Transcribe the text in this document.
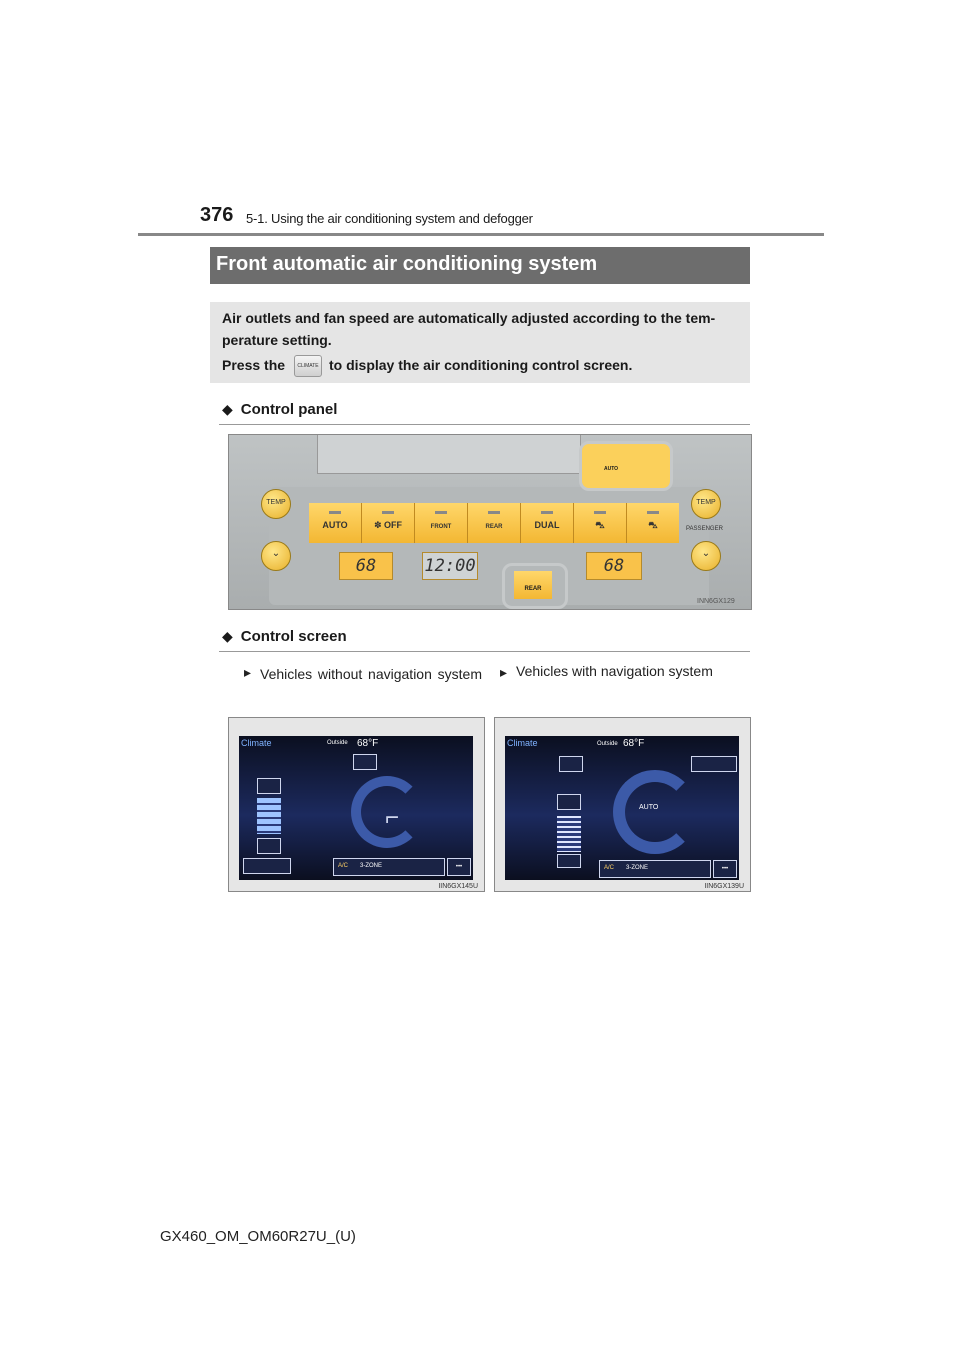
376 5-1. Using the air conditioning system and defogger
Front automatic air conditioning system
Air outlets and fan speed are automatically adjusted according to the tem-
perature setting.
Press the	CLIMATE to display the air conditioning control screen.
◆ Control panel
TEMP
⌄
TEMP
⌄
PASSENGER
AUTO	✽ OFF	FRONT	REAR	DUAL	⛍	⛍
AUTO
68	12:00	68
REAR
INN6GX129
◆ Control screen
▸ Vehicles without navigation system ▸ Vehicles with navigation system
Climate	Outside 68°F
⌐
A/C 3-ZONE	•••
IIN6GX145U
Climate	Outside 68°F
AUTO
A/C 3-ZONE	•••
IIN6GX139U
GX460_OM_OM60R27U_(U)
